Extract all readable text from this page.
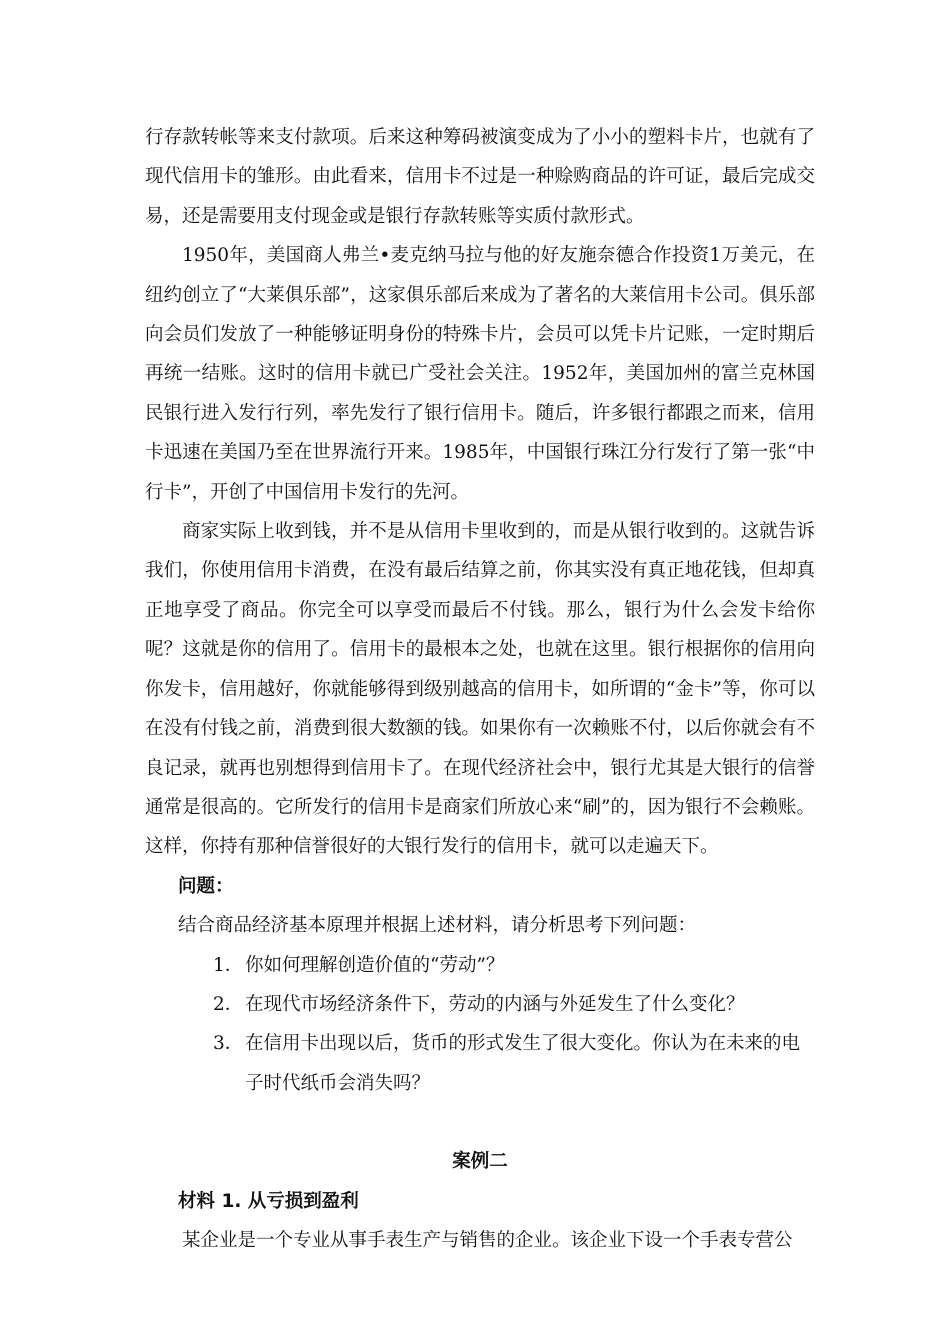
行存款转帐等来支付款项。后来这种筹码被演变成为了小小的塑料卡片，也就有了现代信用卡的雏形。由此看来，信用卡不过是一种赊购商品的许可证，最后完成交易，还是需要用支付现金或是银行存款转账等实质付款形式。

1950年，美国商人弗兰•麦克纳马拉与他的好友施奈德合作投资1万美元，在纽约创立了“大莱俱乐部”，这家俱乐部后来成为了著名的大莱信用卡公司。俱乐部向会员们发放了一种能够证明身份的特殊卡片，会员可以凭卡片记账，一定时期后再统一结账。这时的信用卡就已广受社会关注。1952年，美国加州的富兰克林国民银行进入发行行列，率先发行了银行信用卡。随后，许多银行都跟之而来，信用卡迅速在美国乃至在世界流行开来。1985年，中国银行珠江分行发行了第一张“中行卡”，开创了中国信用卡发行的先河。

商家实际上收到钱，并不是从信用卡里收到的，而是从银行收到的。这就告诉我们，你使用信用卡消费，在没有最后结算之前，你其实没有真正地花钱，但却真正地享受了商品。你完全可以享受而最后不付钱。那么，银行为什么会发卡给你呢？这就是你的信用了。信用卡的最根本之处，也就在这里。银行根据你的信用向你发卡，信用越好，你就能够得到级别越高的信用卡，如所谓的“金卡”等，你可以在没有付钱之前，消费到很大数额的钱。如果你有一次赖账不付，以后你就会有不良记录，就再也别想得到信用卡了。在现代经济社会中，银行尤其是大银行的信誉通常是很高的。它所发行的信用卡是商家们所放心来“刷”的，因为银行不会赖账。这样，你持有那种信誉很好的大银行发行的信用卡，就可以走遍天下。

问题：

结合商品经济基本原理并根据上述材料，请分析思考下列问题：

1． 你如何理解创造价值的“劳动”？
2． 在现代市场经济条件下，劳动的内涵与外延发生了什么变化？
3． 在信用卡出现以后，货币的形式发生了很大变化。你认为在未来的电子时代纸币会消失吗？

案例二

材料 1. 从亏损到盈利

某企业是一个专业从事手表生产与销售的企业。该企业下设一个手表专营公
